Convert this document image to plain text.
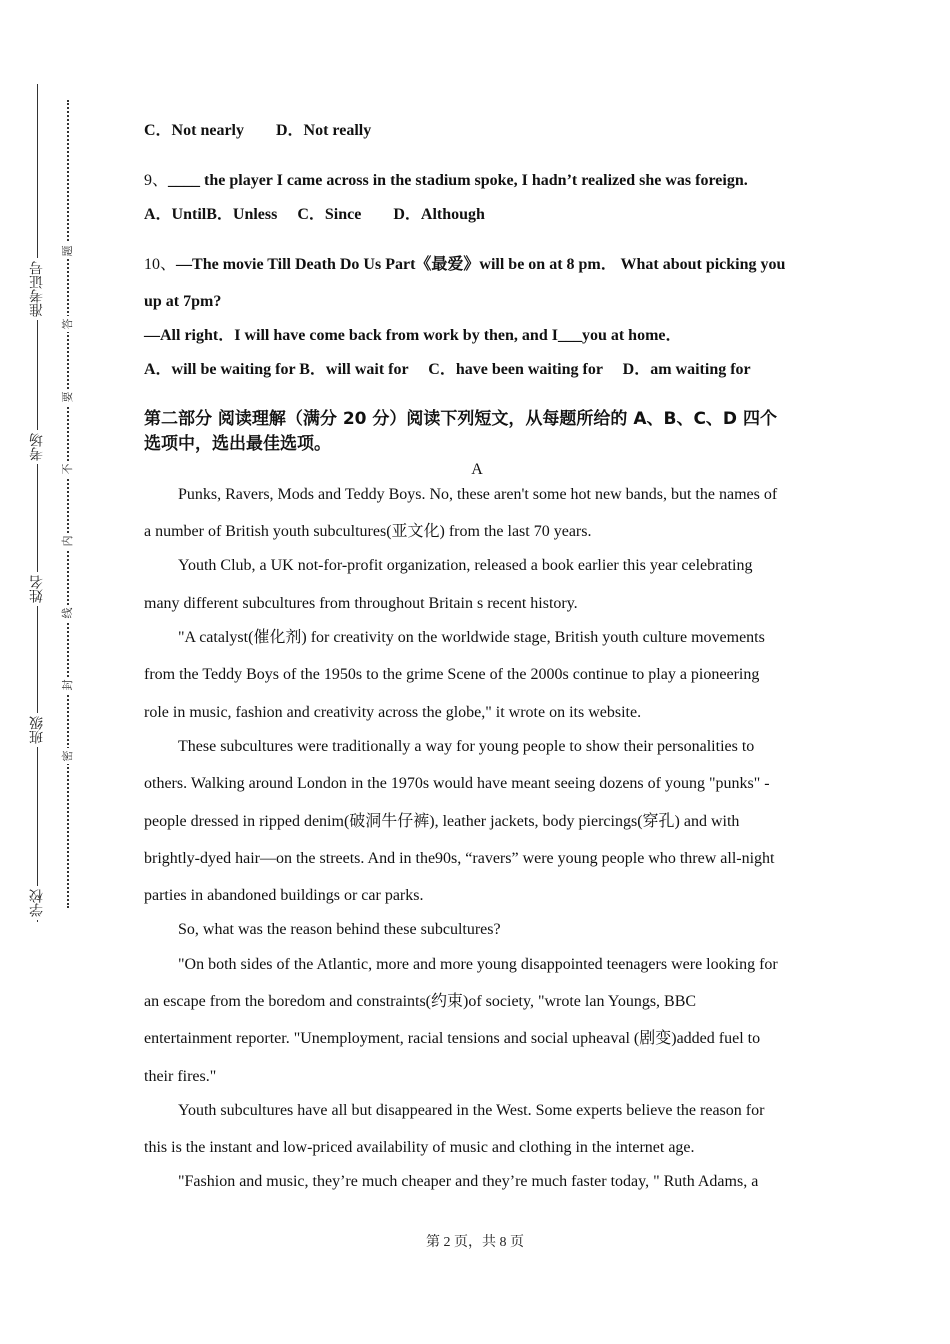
准考证号
考场
姓名
班级
学校
题
答
要
不
内
线
封
密
C．Not nearly　　D．Not really
9、____ the player I came across in the stadium spoke, I hadn’t realized she was foreign.
A．UntilB．Unless　 C．Since　　D．Although
10、—The movie Till Death Do Us Part《最爱》will be on at 8 pm． What about picking you
up at 7pm?
—All right．I will have come back from work by then, and I___you at home．
A．will be waiting for B．will wait for　 C．have been waiting for　 D．am waiting for
第二部分 阅读理解（满分 20 分）阅读下列短文，从每题所给的 A、B、C、D 四个
选项中，选出最佳选项。
A
Punks, Ravers, Mods and Teddy Boys. No, these aren't some hot new bands, but the names of
a number of British youth subcultures(亚文化) from the last 70 years.
Youth Club, a UK not-for-profit organization, released a book earlier this year celebrating
many different subcultures from throughout Britain s recent history.
"A catalyst(催化剂) for creativity on the worldwide stage, British youth culture movements
from the Teddy Boys of the 1950s to the grime Scene of the 2000s continue to play a pioneering
role in music, fashion and creativity across the globe," it wrote on its website.
These subcultures were traditionally a way for young people to show their personalities to
others. Walking around London in the 1970s would have meant seeing dozens of young "punks" -
people dressed in ripped denim(破洞牛仔裤), leather jackets, body piercings(穿孔) and with
brightly-dyed hair—on the streets. And in the90s, “ravers” were young people who threw all-night
parties in abandoned buildings or car parks.
So, what was the reason behind these subcultures?
"On both sides of the Atlantic, more and more young disappointed teenagers were looking for
an escape from the boredom and constraints(约束)of society, "wrote lan Youngs, BBC
entertainment reporter. "Unemployment, racial tensions and social upheaval (剧变)added fuel to
their fires."
Youth subcultures have all but disappeared in the West. Some experts believe the reason for
this is the instant and low-priced availability of music and clothing in the internet age.
"Fashion and music, they’re much cheaper and they’re much faster today, " Ruth Adams, a
第 2 页，共 8 页
